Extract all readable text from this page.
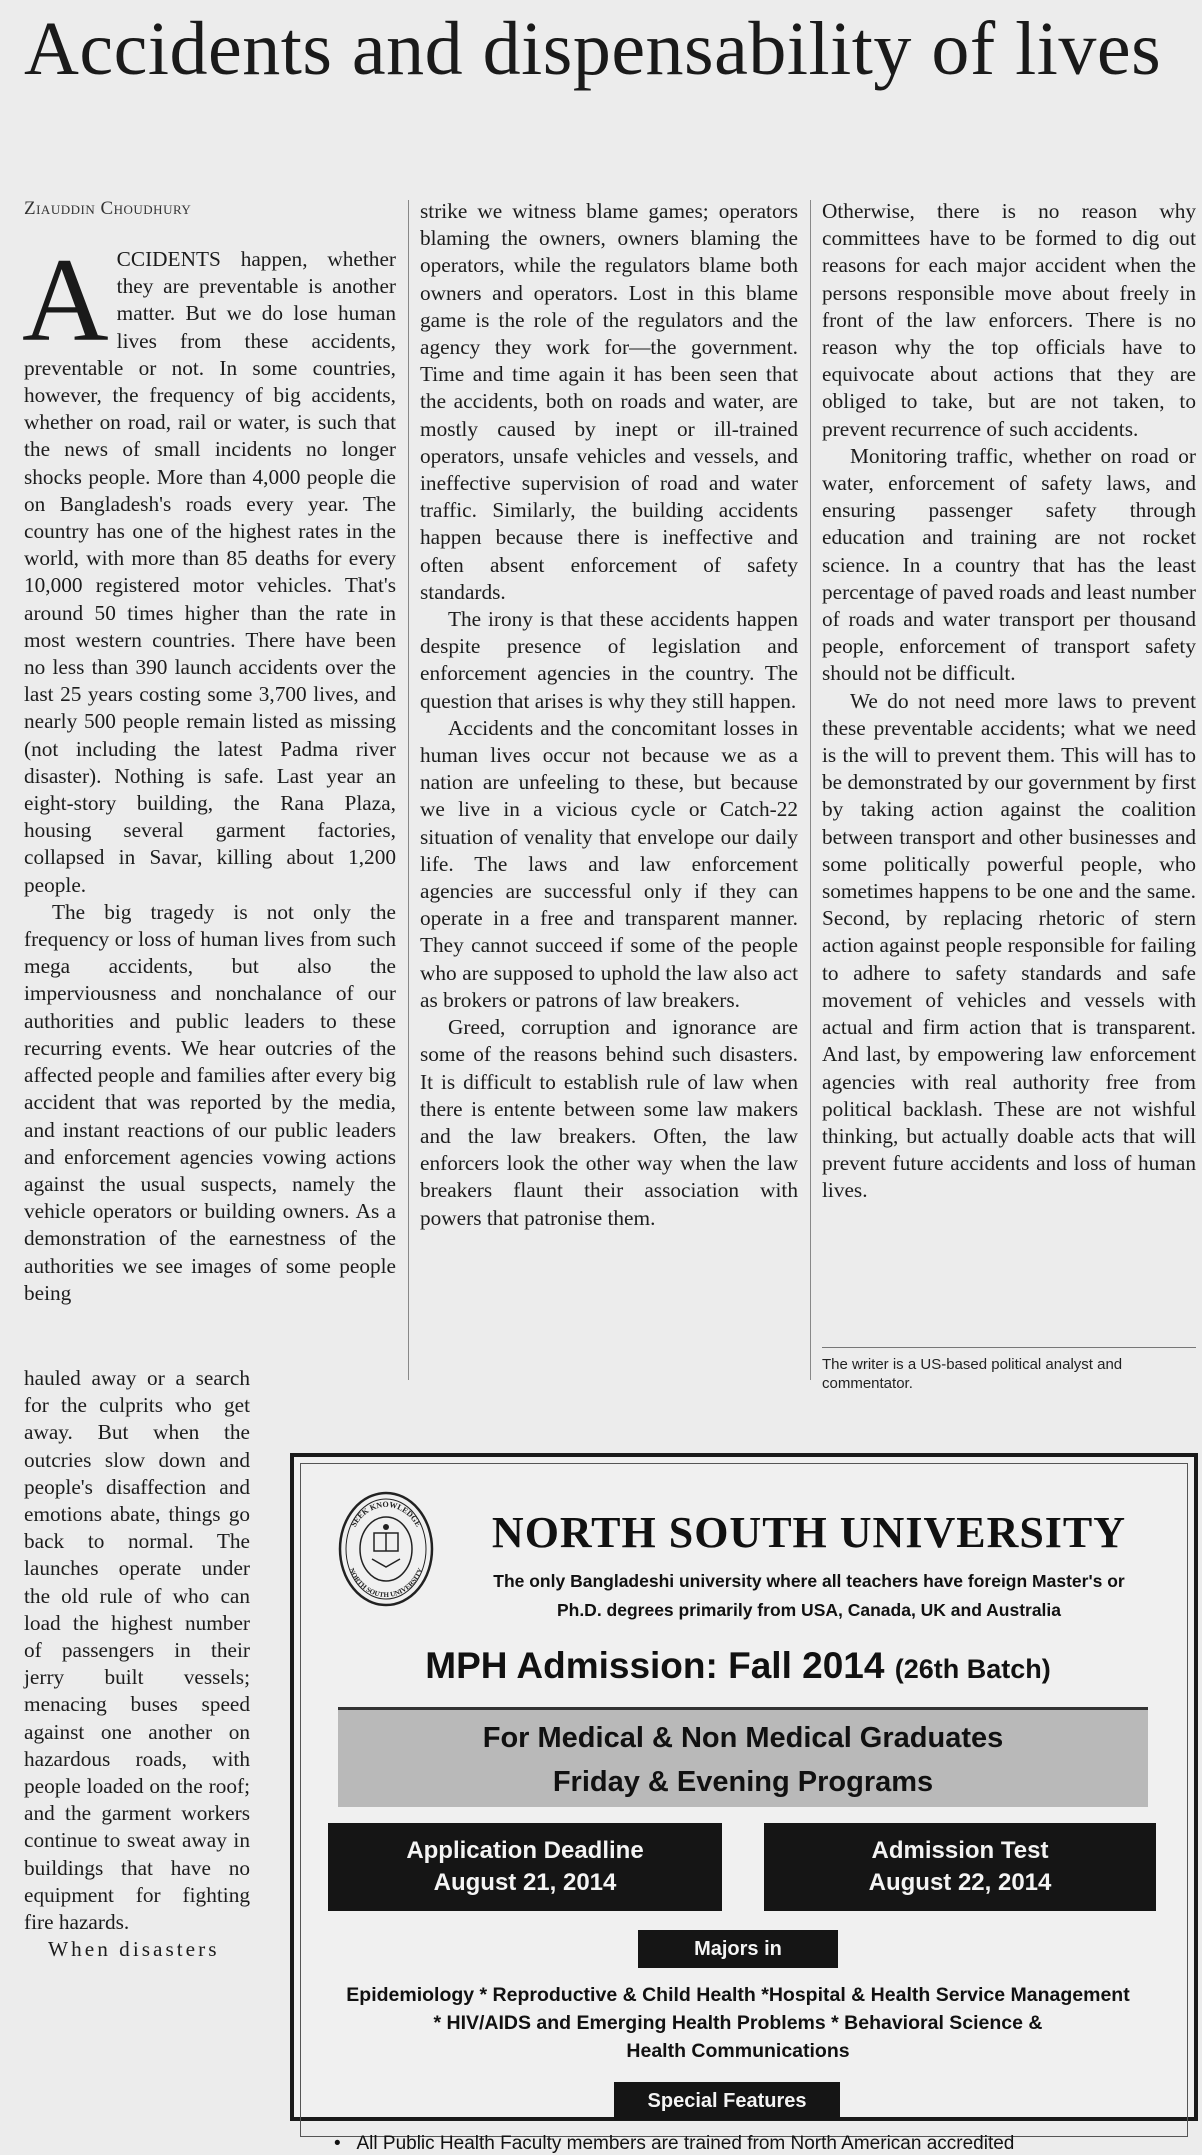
Accidents and dispensability of lives
Ziauddin Choudhury

ACCIDENTS happen, whether they are preventable is another matter. But we do lose human lives from these accidents, preventable or not. In some countries, however, the frequency of big accidents, whether on road, rail or water, is such that the news of small incidents no longer shocks people. More than 4,000 people die on Bangladesh's roads every year. The country has one of the highest rates in the world, with more than 85 deaths for every 10,000 registered motor vehicles. That's around 50 times higher than the rate in most western countries. There have been no less than 390 launch accidents over the last 25 years costing some 3,700 lives, and nearly 500 people remain listed as missing (not including the latest Padma river disaster). Nothing is safe. Last year an eight-story building, the Rana Plaza, housing several garment factories, collapsed in Savar, killing about 1,200 people.

The big tragedy is not only the frequency or loss of human lives from such mega accidents, but also the imperviousness and nonchalance of our authorities and public leaders to these recurring events. We hear outcries of the affected people and families after every big accident that was reported by the media, and instant reactions of our public leaders and enforcement agencies vowing actions against the usual suspects, namely the vehicle operators or building owners. As a demonstration of the earnestness of the authorities we see images of some people being

hauled away or a search for the culprits who get away. But when the outcries slow down and people's disaffection and emotions abate, things go back to normal. The launches operate under the old rule of who can load the highest number of passengers in their jerry built vessels; menacing buses speed against one another on hazardous roads, with people loaded on the roof; and the garment workers continue to sweat away in buildings that have no equipment for fighting fire hazards.

When disasters

strike we witness blame games; operators blaming the owners, owners blaming the operators, while the regulators blame both owners and operators. Lost in this blame game is the role of the regulators and the agency they work for—the government. Time and time again it has been seen that the accidents, both on roads and water, are mostly caused by inept or ill-trained operators, unsafe vehicles and vessels, and ineffective supervision of road and water traffic. Similarly, the building accidents happen because there is ineffective and often absent enforcement of safety standards.

The irony is that these accidents happen despite presence of legislation and enforcement agencies in the country. The question that arises is why they still happen.

Accidents and the concomitant losses in human lives occur not because we as a nation are unfeeling to these, but because we live in a vicious cycle or Catch-22 situation of venality that envelope our daily life. The laws and law enforcement agencies are successful only if they can operate in a free and transparent manner. They cannot succeed if some of the people who are supposed to uphold the law also act as brokers or patrons of law breakers.

Greed, corruption and ignorance are some of the reasons behind such disasters. It is difficult to establish rule of law when there is entente between some law makers and the law breakers. Often, the law enforcers look the other way when the law breakers flaunt their association with powers that patronise them.

Otherwise, there is no reason why committees have to be formed to dig out reasons for each major accident when the persons responsible move about freely in front of the law enforcers. There is no reason why the top officials have to equivocate about actions that they are obliged to take, but are not taken, to prevent recurrence of such accidents.

Monitoring traffic, whether on road or water, enforcement of safety laws, and ensuring passenger safety through education and training are not rocket science. In a country that has the least percentage of paved roads and least number of roads and water transport per thousand people, enforcement of transport safety should not be difficult.

We do not need more laws to prevent these preventable accidents; what we need is the will to prevent them. This will has to be demonstrated by our government by first by taking action against the coalition between transport and other businesses and some politically powerful people, who sometimes happens to be one and the same. Second, by replacing rhetoric of stern action against people responsible for failing to adhere to safety standards and safe movement of vehicles and vessels with actual and firm action that is transparent. And last, by empowering law enforcement agencies with real authority free from political backlash. These are not wishful thinking, but actually doable acts that will prevent future accidents and loss of human lives.

The writer is a US-based political analyst and commentator.
SEEK KNOWLEDGE
NORTH SOUTH UNIVERSITY
NORTH SOUTH UNIVERSITY
The only Bangladeshi university where all teachers have foreign Master's or
Ph.D. degrees primarily from USA, Canada, UK and Australia
MPH Admission: Fall 2014 (26th Batch)
For Medical & Non Medical Graduates
Friday & Evening Programs
Application Deadline
August 21, 2014
Admission Test
August 22, 2014
Majors in
Epidemiology * Reproductive & Child Health *Hospital & Health Service Management
* HIV/AIDS and Emerging Health Problems * Behavioral Science &
Health Communications
Special Features
•   All Public Health Faculty members are trained from North American accredited
